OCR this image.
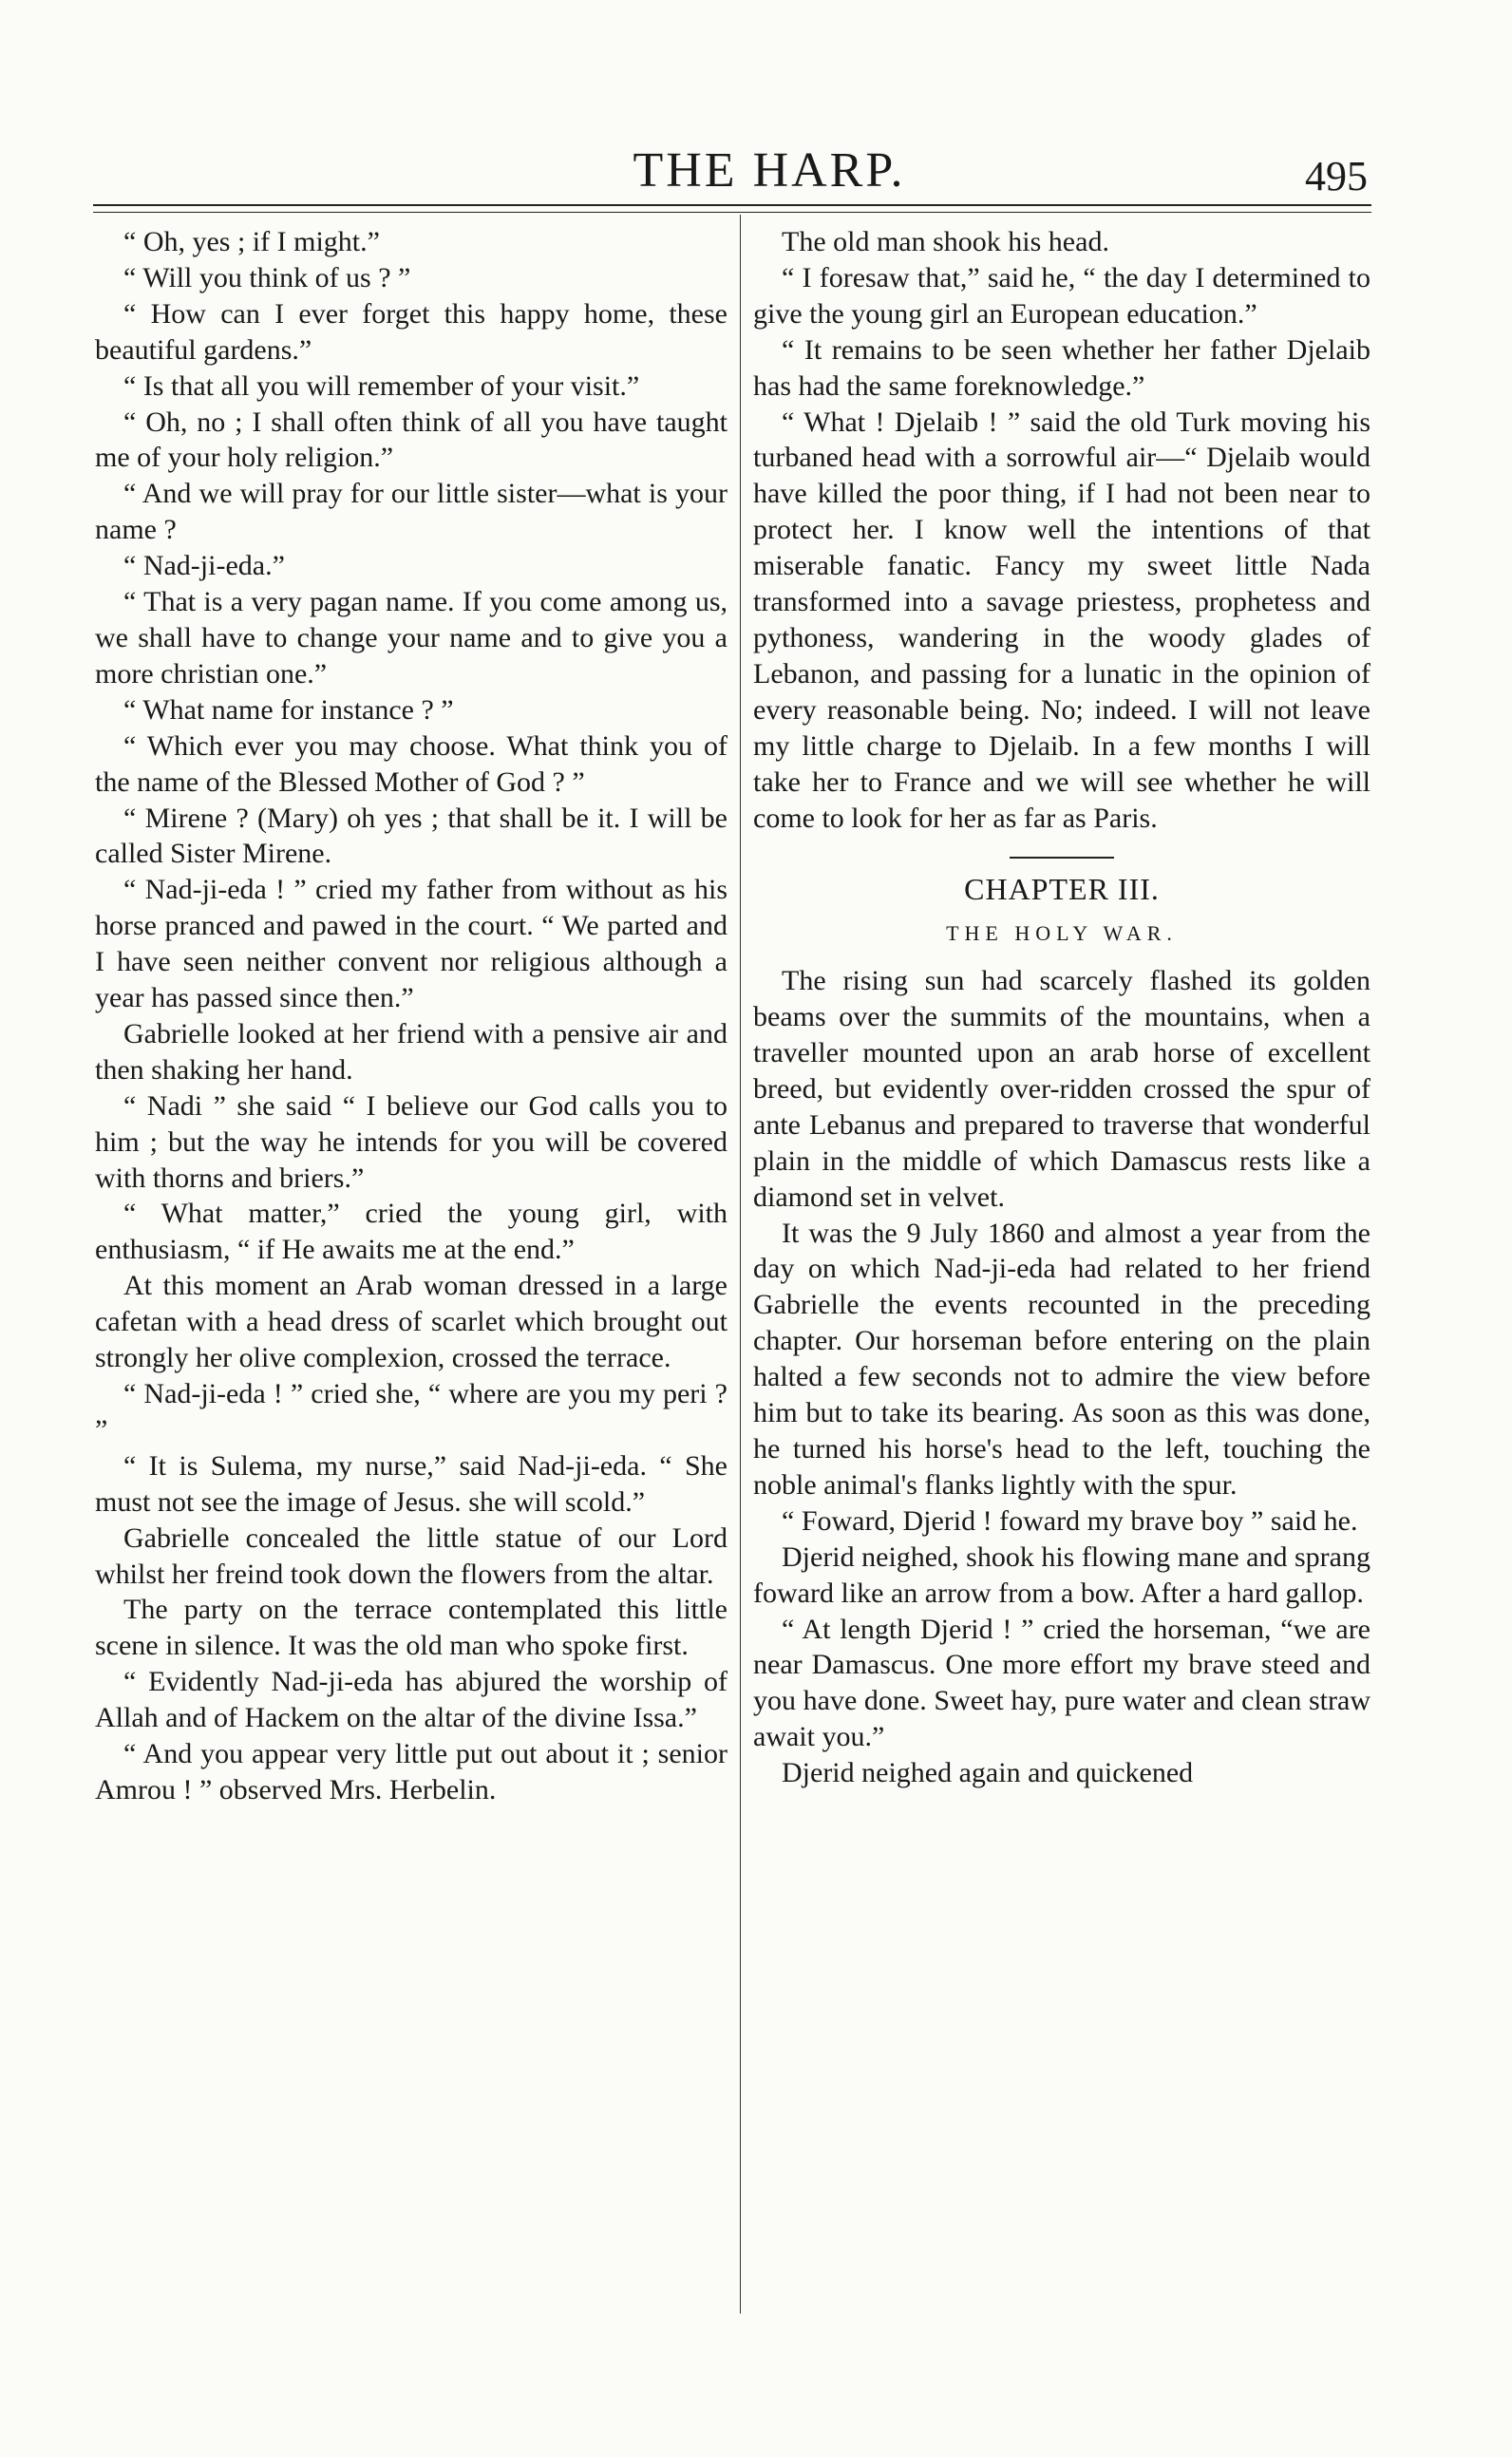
THE HARP.	495

“ Oh, yes ; if I might.”

“ Will you think of us ? ”

“ How can I ever forget this happy home, these beautiful gardens.”

“ Is that all you will remember of your visit.”

“ Oh, no ; I shall often think of all you have taught me of your holy religion.”

“ And we will pray for our little sister—what is your name ?

“ Nad-ji-eda.”

“ That is a very pagan name. If you come among us, we shall have to change your name and to give you a more christian one.”

“ What name for instance ? ”

“ Which ever you may choose. What think you of the name of the Blessed Mother of God ? ”

“ Mirene ? (Mary) oh yes ; that shall be it. I will be called Sister Mirene.

“ Nad-ji-eda ! ” cried my father from without as his horse pranced and pawed in the court. “ We parted and I have seen neither convent nor religious although a year has passed since then.”

Gabrielle looked at her friend with a pensive air and then shaking her hand.

“ Nadi ” she said “ I believe our God calls you to him ; but the way he intends for you will be covered with thorns and briers.”

“ What matter,” cried the young girl, with enthusiasm, “ if He awaits me at the end.”

At this moment an Arab woman dressed in a large cafetan with a head dress of scarlet which brought out strongly her olive complexion, crossed the terrace.

“ Nad-ji-eda ! ” cried she, “ where are you my peri ? ”

“ It is Sulema, my nurse,” said Nad-ji-eda. “ She must not see the image of Jesus. she will scold.”

Gabrielle concealed the little statue of our Lord whilst her freind took down the flowers from the altar.

The party on the terrace contemplated this little scene in silence. It was the old man who spoke first.

“ Evidently Nad-ji-eda has abjured the worship of Allah and of Hackem on the altar of the divine Issa.”

“ And you appear very little put out about it ; senior Amrou ! ” observed Mrs. Herbelin.

The old man shook his head.

“ I foresaw that,” said he, “ the day I determined to give the young girl an European education.”

“ It remains to be seen whether her father Djelaib has had the same foreknowledge.”

“ What ! Djelaib ! ” said the old Turk moving his turbaned head with a sorrowful air—“ Djelaib would have killed the poor thing, if I had not been near to protect her. I know well the intentions of that miserable fanatic. Fancy my sweet little Nada transformed into a savage priestess, prophetess and pythoness, wandering in the woody glades of Lebanon, and passing for a lunatic in the opinion of every reasonable being. No; indeed. I will not leave my little charge to Djelaib. In a few months I will take her to France and we will see whether he will come to look for her as far as Paris.

CHAPTER III.

THE HOLY WAR.

The rising sun had scarcely flashed its golden beams over the summits of the mountains, when a traveller mounted upon an arab horse of excellent breed, but evidently over-ridden crossed the spur of ante Lebanus and prepared to traverse that wonderful plain in the middle of which Damascus rests like a diamond set in velvet.

It was the 9 July 1860 and almost a year from the day on which Nad-ji-eda had related to her friend Gabrielle the events recounted in the preceding chapter. Our horseman before entering on the plain halted a few seconds not to admire the view before him but to take its bearing. As soon as this was done, he turned his horse's head to the left, touching the noble animal's flanks lightly with the spur.

“ Foward, Djerid ! foward my brave boy ” said he.

Djerid neighed, shook his flowing mane and sprang foward like an arrow from a bow. After a hard gallop.

“ At length Djerid ! ” cried the horseman, “we are near Damascus. One more effort my brave steed and you have done. Sweet hay, pure water and clean straw await you.”

Djerid neighed again and quickened
